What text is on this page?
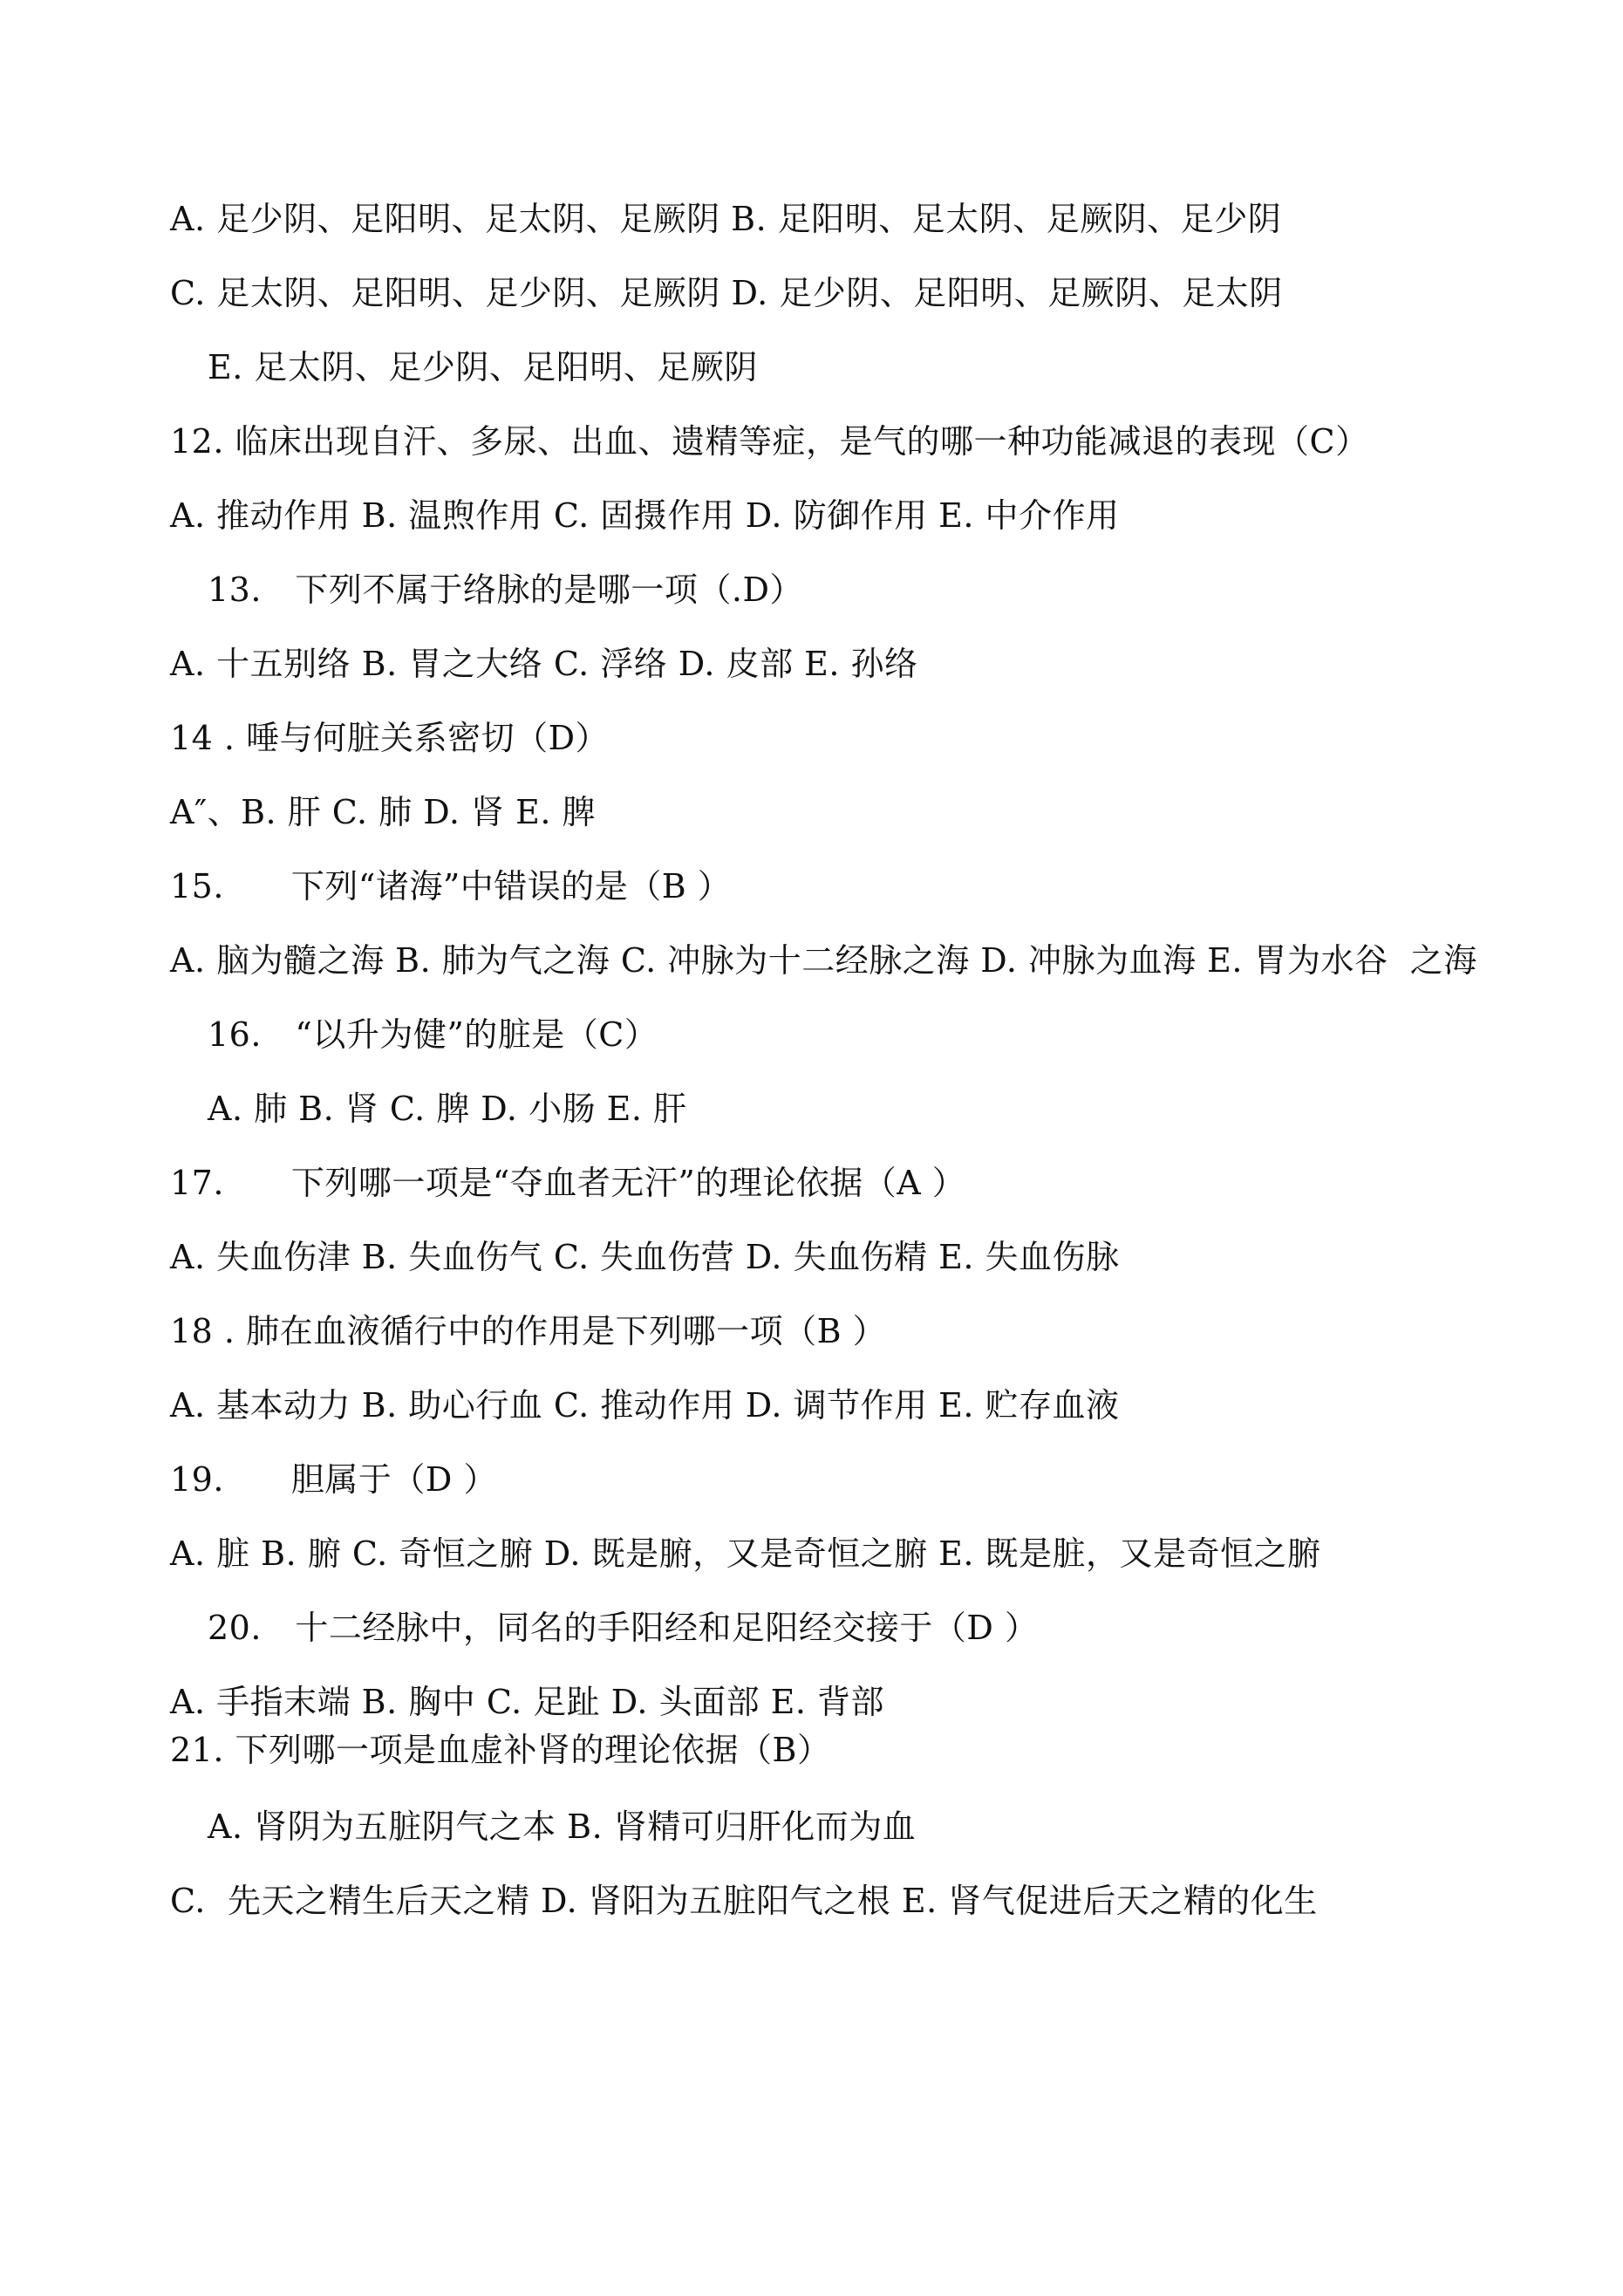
A. 足少阴、足阳明、足太阴、足厥阴 B. 足阳明、足太阴、足厥阴、足少阴
C. 足太阴、足阳明、足少阴、足厥阴 D. 足少阴、足阳明、足厥阴、足太阴
E. 足太阴、足少阴、足阳明、足厥阴
12. 临床出现自汗、多尿、出血、遗精等症，是气的哪一种功能减退的表现（C）
A. 推动作用 B. 温煦作用 C. 固摄作用 D. 防御作用 E. 中介作用
13.　下列不属于络脉的是哪一项（.D）
A. 十五别络 B. 胃之大络 C. 浮络 D. 皮部 E. 孙络
14 . 唾与何脏关系密切（D）
A″、B. 肝 C. 肺 D. 肾 E. 脾
15.　　下列“诸海”中错误的是（B ）
A. 脑为髓之海 B. 肺为气之海 C. 冲脉为十二经脉之海 D. 冲脉为血海 E. 胃为水谷  之海
16.　“以升为健”的脏是（C）
A. 肺 B. 肾 C. 脾 D. 小肠 E. 肝
17.　　下列哪一项是“夺血者无汗”的理论依据（A ）
A. 失血伤津 B. 失血伤气 C. 失血伤营 D. 失血伤精 E. 失血伤脉
18 . 肺在血液循行中的作用是下列哪一项（B ）
A. 基本动力 B. 助心行血 C. 推动作用 D. 调节作用 E. 贮存血液
19.　　胆属于（D ）
A. 脏 B. 腑 C. 奇恒之腑 D. 既是腑，又是奇恒之腑 E. 既是脏，又是奇恒之腑
20.　十二经脉中，同名的手阳经和足阳经交接于（D ）
A. 手指末端 B. 胸中 C. 足趾 D. 头面部 E. 背部
21. 下列哪一项是血虚补肾的理论依据（B）
A. 肾阴为五脏阴气之本 B. 肾精可归肝化而为血
C.  先天之精生后天之精 D. 肾阳为五脏阳气之根 E. 肾气促进后天之精的化生
